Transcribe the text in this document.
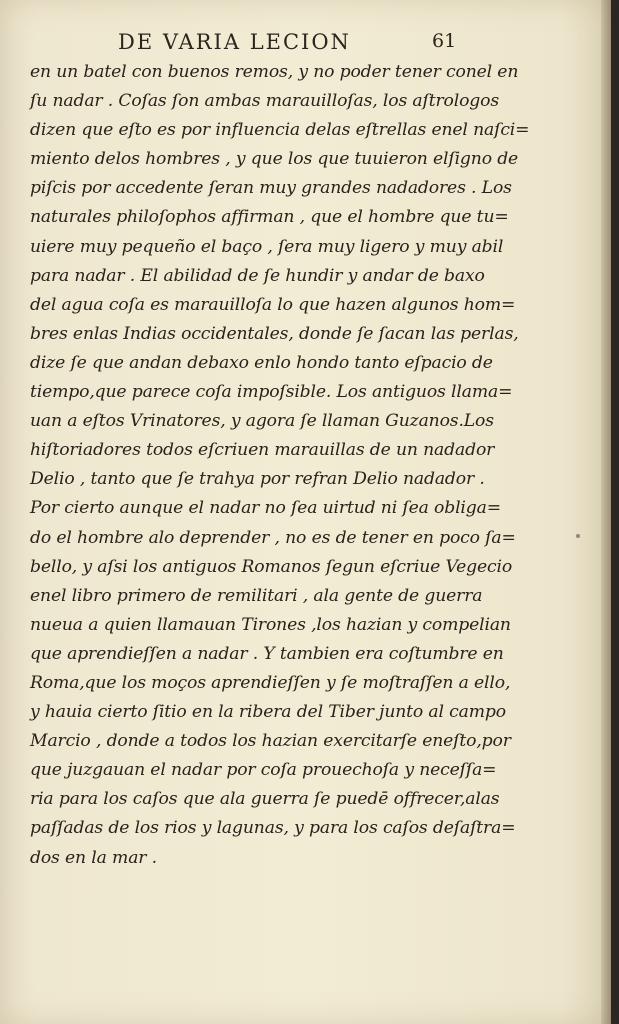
DE VARIA LECION	61
en un batel con buenos remos, y no poder tener conel en
ſu nadar . Coſas ſon ambas marauilloſas, los aſtrologos
dizen que eſto es por influencia delas eſtrellas enel naſci=
miento delos hombres , y que los que tuuieron elſigno de
piſcis por accedente ſeran muy grandes nadadores . Los
naturales philoſophos affirman , que el hombre que tu=
uiere muy pequeño el baço , ſera muy ligero y muy abil
para nadar . El abilidad de ſe hundir y andar de baxo
del agua coſa es marauilloſa lo que hazen algunos hom=
bres enlas Indias occidentales, donde ſe ſacan las perlas,
dize ſe que andan debaxo enlo hondo tanto eſpacio de
tiempo,que parece coſa impoſsible. Los antiguos llama=
uan a eſtos Vrinatores, y agora ſe llaman Guzanos.Los
hiſtoriadores todos eſcriuen marauillas de un nadador
Delio , tanto que ſe trahya por refran Delio nadador .
Por cierto aunque el nadar no ſea uirtud ni ſea obliga=
do el hombre alo deprender , no es de tener en poco ſa=
bello, y aſsi los antiguos Romanos ſegun eſcriue Vegecio
enel libro primero de remilitari , ala gente de guerra
nueua a quien llamauan Tirones ,los hazian y compelian
que aprendieſſen a nadar . Y tambien era coſtumbre en
Roma,que los moços aprendieſſen y ſe moſtraſſen a ello,
y hauia cierto ſitio en la ribera del Tiber junto al campo
Marcio , donde a todos los hazian exercitarſe eneſto,por
que juzgauan el nadar por coſa prouechoſa y neceſſa=
ria para los caſos que ala guerra ſe puedē offrecer,alas
paſſadas de los rios y lagunas, y para los caſos deſaſtra=
dos en la mar .
